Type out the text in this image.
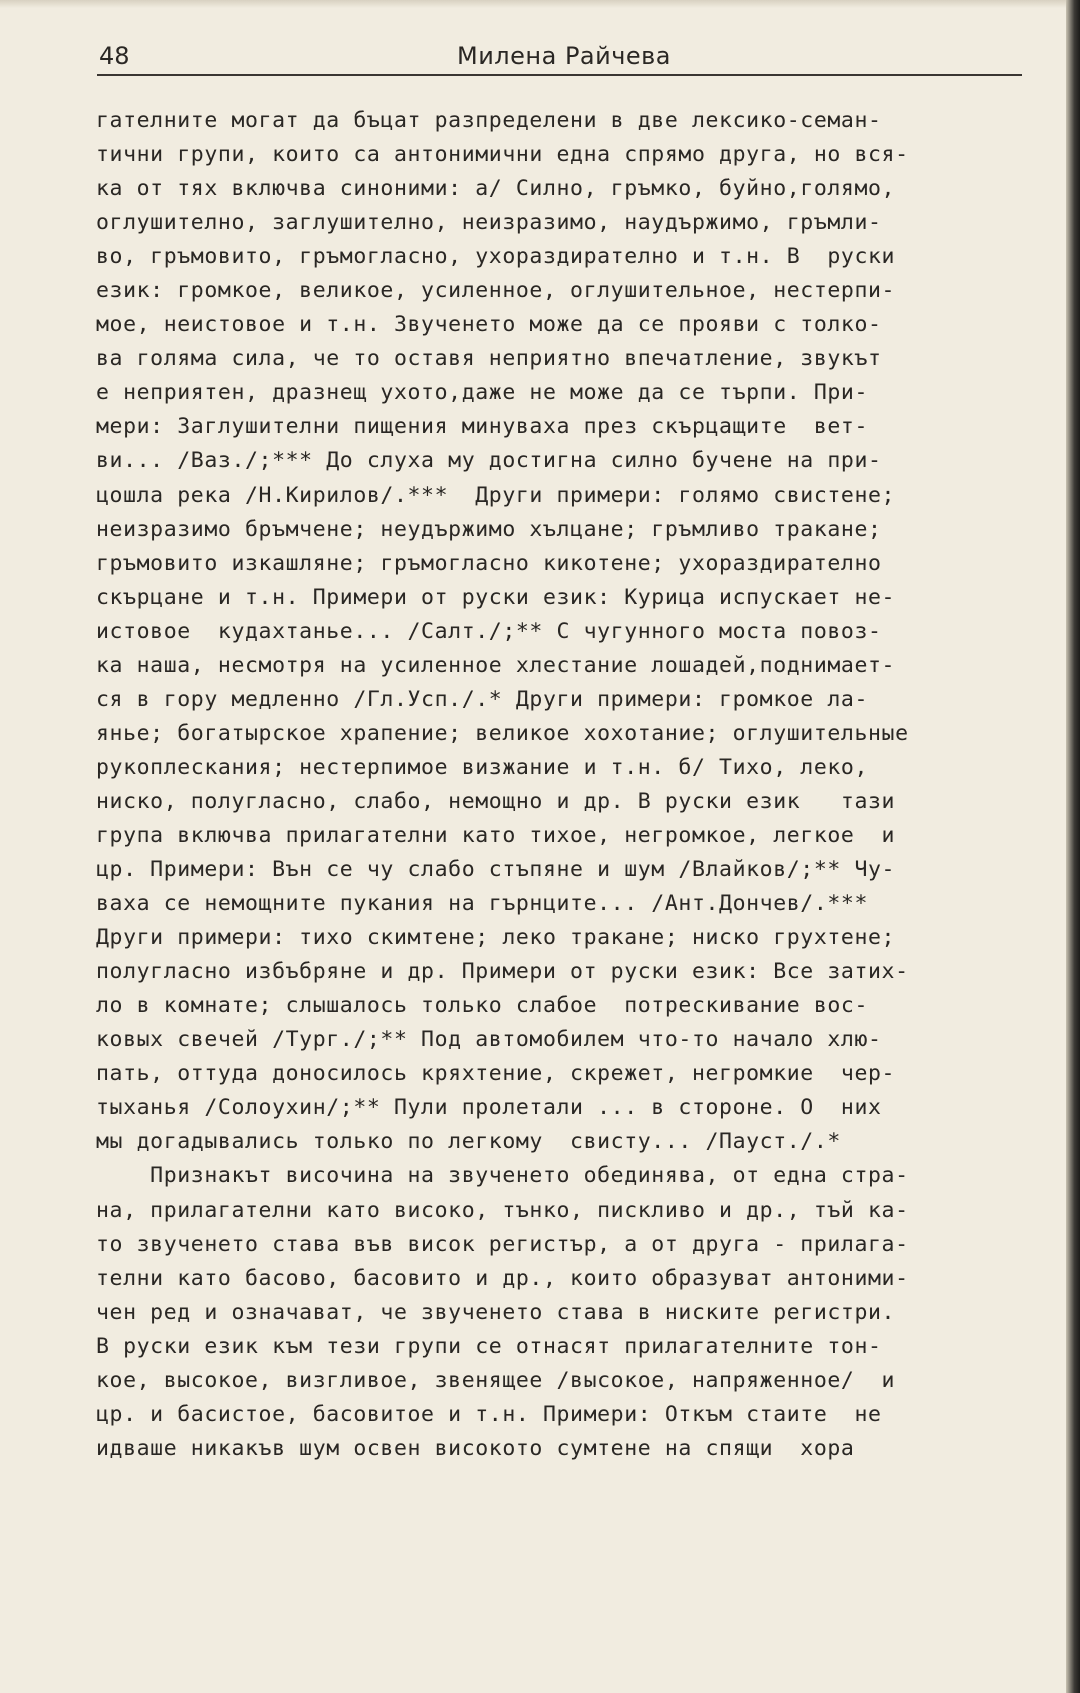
48	Милена Райчева
гателните могат да бъцат разпределени в две лексико-семан-
тични групи, които са антонимични една спрямо друга, но вся-
ка от тях включва синоними: а/ Силно, гръмко, буйно,голямо,
оглушително, заглушително, неизразимо, наудържимо, гръмли-
во, гръмовито, гръмогласно, ухораздирателно и т.н. В  руски
език: громкое, великое, усиленное, оглушительное, нестерпи-
мое, неистовое и т.н. Звученето може да се прояви с толко-
ва голяма сила, че то оставя неприятно впечатление, звукът
е неприятен, дразнещ ухото,даже не може да се търпи. При-
мери: Заглушителни пищения минуваха през скърцащите  вет-
ви... /Ваз./;*** До слуха му достигна силно бучене на при-
цошла река /Н.Кирилов/.***  Други примери: голямо свистене;
неизразимо бръмчене; неудържимо хълцане; гръмливо тракане;
гръмовито изкашляне; гръмогласно кикотене; ухораздирателно
скърцане и т.н. Примери от руски език: Курица испускает не-
истовое  кудахтанье... /Салт./;** С чугунного моста повоз-
ка наша, несмотря на усиленное хлестание лошадей,поднимает-
ся в гору медленно /Гл.Усп./.* Други примери: громкое ла-
янье; богатырское храпение; великое хохотание; оглушительные
рукоплескания; нестерпимое визжание и т.н. б/ Тихо, леко,
ниско, полугласно, слабо, немощно и др. В руски език   тази
група включва прилагателни като тихое, негромкое, легкое  и
цр. Примери: Вън се чу слабо стъпяне и шум /Влайков/;** Чу-
ваха се немощните пукания на гърнците... /Ант.Дончев/.***
Други примери: тихо скимтене; леко тракане; ниско грухтене;
полугласно избъбряне и др. Примери от руски език: Все затих-
ло в комнате; слышалось только слабое  потрескивание вос-
ковых свечей /Тург./;** Под автомобилем что-то начало хлю-
пать, оттуда доносилось кряхтение, скрежет, негромкие  чер-
тыханья /Солоухин/;** Пули пролетали ... в стороне. О  них
мы догадывались только по легкому  свисту... /Пауст./.*
Признакът височина на звученето обединява, от една стра-
на, прилагателни като високо, тънко, пискливо и др., тъй ка-
то звученето става във висок регистър, а от друга - прилага-
телни като басово, басовито и др., които образуват антоними-
чен ред и означават, че звученето става в ниските регистри.
В руски език към тези групи се отнасят прилагателните тон-
кое, высокое, визгливое, звенящее /высокое, напряженное/  и
цр. и басистое, басовитое и т.н. Примери: Откъм стаите  не
идваше никакъв шум освен високото сумтене на спящи  хора
